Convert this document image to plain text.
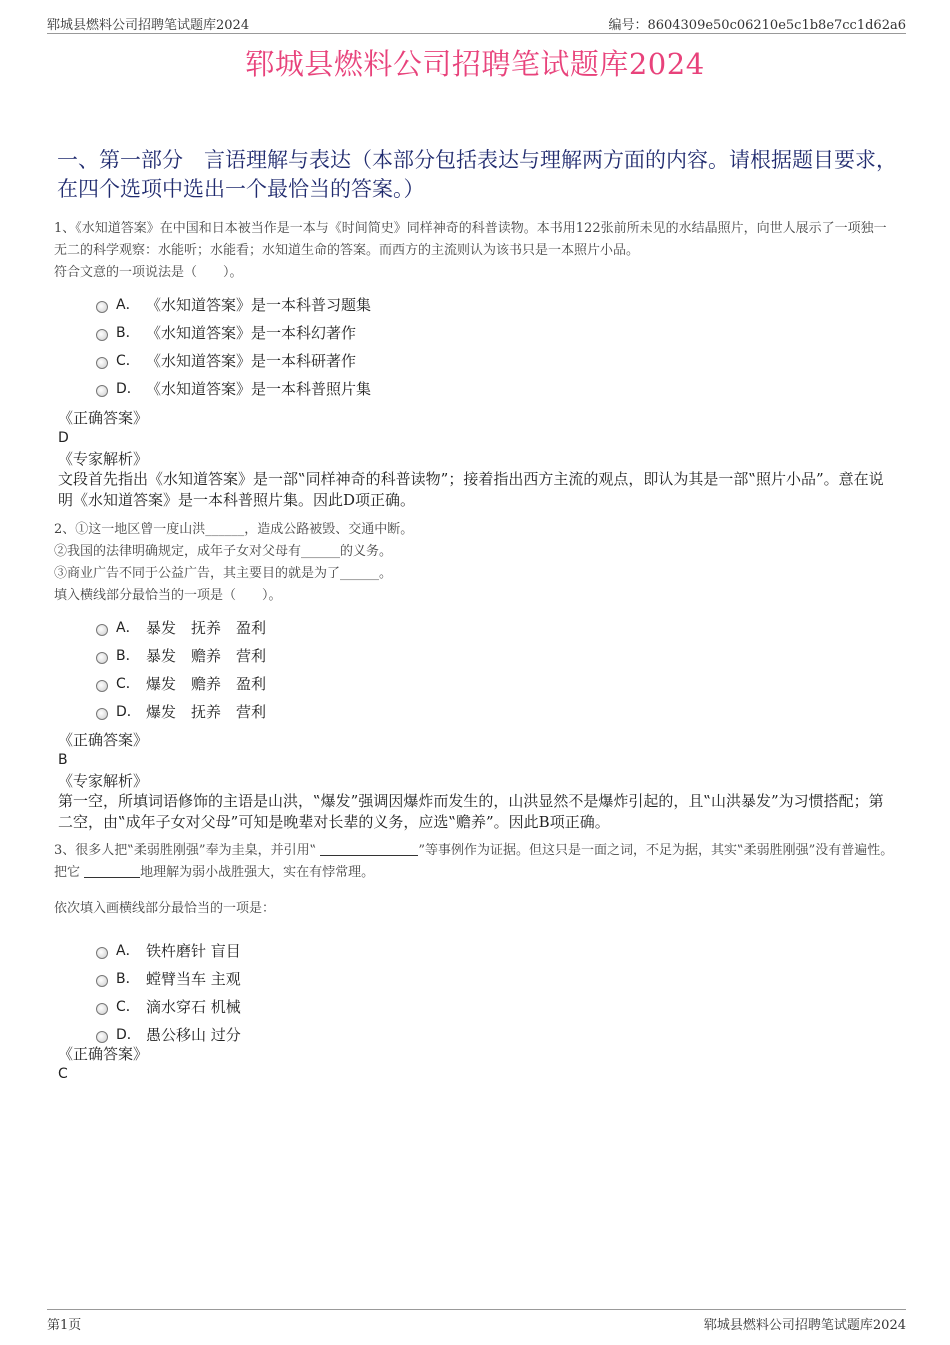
郓城县燃料公司招聘笔试题库2024	编号：8604309e50c06210e5c1b8e7cc1d62a6
郓城县燃料公司招聘笔试题库2024
一、第一部分　言语理解与表达（本部分包括表达与理解两方面的内容。请根据题目要求，在四个选项中选出一个最恰当的答案。）

1、《水知道答案》在中国和日本被当作是一本与《时间简史》同样神奇的科普读物。本书用122张前所未见的水结晶照片，向世人展示了一项独一无二的科学观察：水能听；水能看；水知道生命的答案。而西方的主流则认为该书只是一本照片小品。

符合文意的一项说法是（　　）。

A． 《水知道答案》是一本科普习题集
B． 《水知道答案》是一本科幻著作
C． 《水知道答案》是一本科研著作
D． 《水知道答案》是一本科普照片集
《正确答案》
D
《专家解析》
文段首先指出《水知道答案》是一部‟同样神奇的科普读物”；接着指出西方主流的观点，即认为其是一部‟照片小品”。意在说明《水知道答案》是一本科普照片集。因此D项正确。

2、①这一地区曾一度山洪______，造成公路被毁、交通中断。

②我国的法律明确规定，成年子女对父母有______的义务。

③商业广告不同于公益广告，其主要目的就是为了______。

填入横线部分最恰当的一项是（　　）。

A． 暴发　抚养　盈利
B． 暴发　赡养　营利
C． 爆发　赡养　盈利
D． 爆发　抚养　营利
《正确答案》
B
《专家解析》
第一空，所填词语修饰的主语是山洪，‟爆发”强调因爆炸而发生的，山洪显然不是爆炸引起的，且‟山洪暴发”为习惯搭配；第二空，由‟成年子女对父母”可知是晚辈对长辈的义务，应选‟赡养”。因此B项正确。

3、很多人把‟柔弱胜刚强”奉为圭臬，并引用‟	”等事例作为证据。但这只是一面之词，不足为据，其实‟柔弱胜刚强”没有普遍性。把它	地理解为弱小战胜强大，实在有悖常理。

依次填入画横线部分最恰当的一项是：

A． 铁杵磨针 盲目
B． 螳臂当车 主观
C． 滴水穿石 机械
D． 愚公移山 过分
《正确答案》
C
第1页	郓城县燃料公司招聘笔试题库2024
